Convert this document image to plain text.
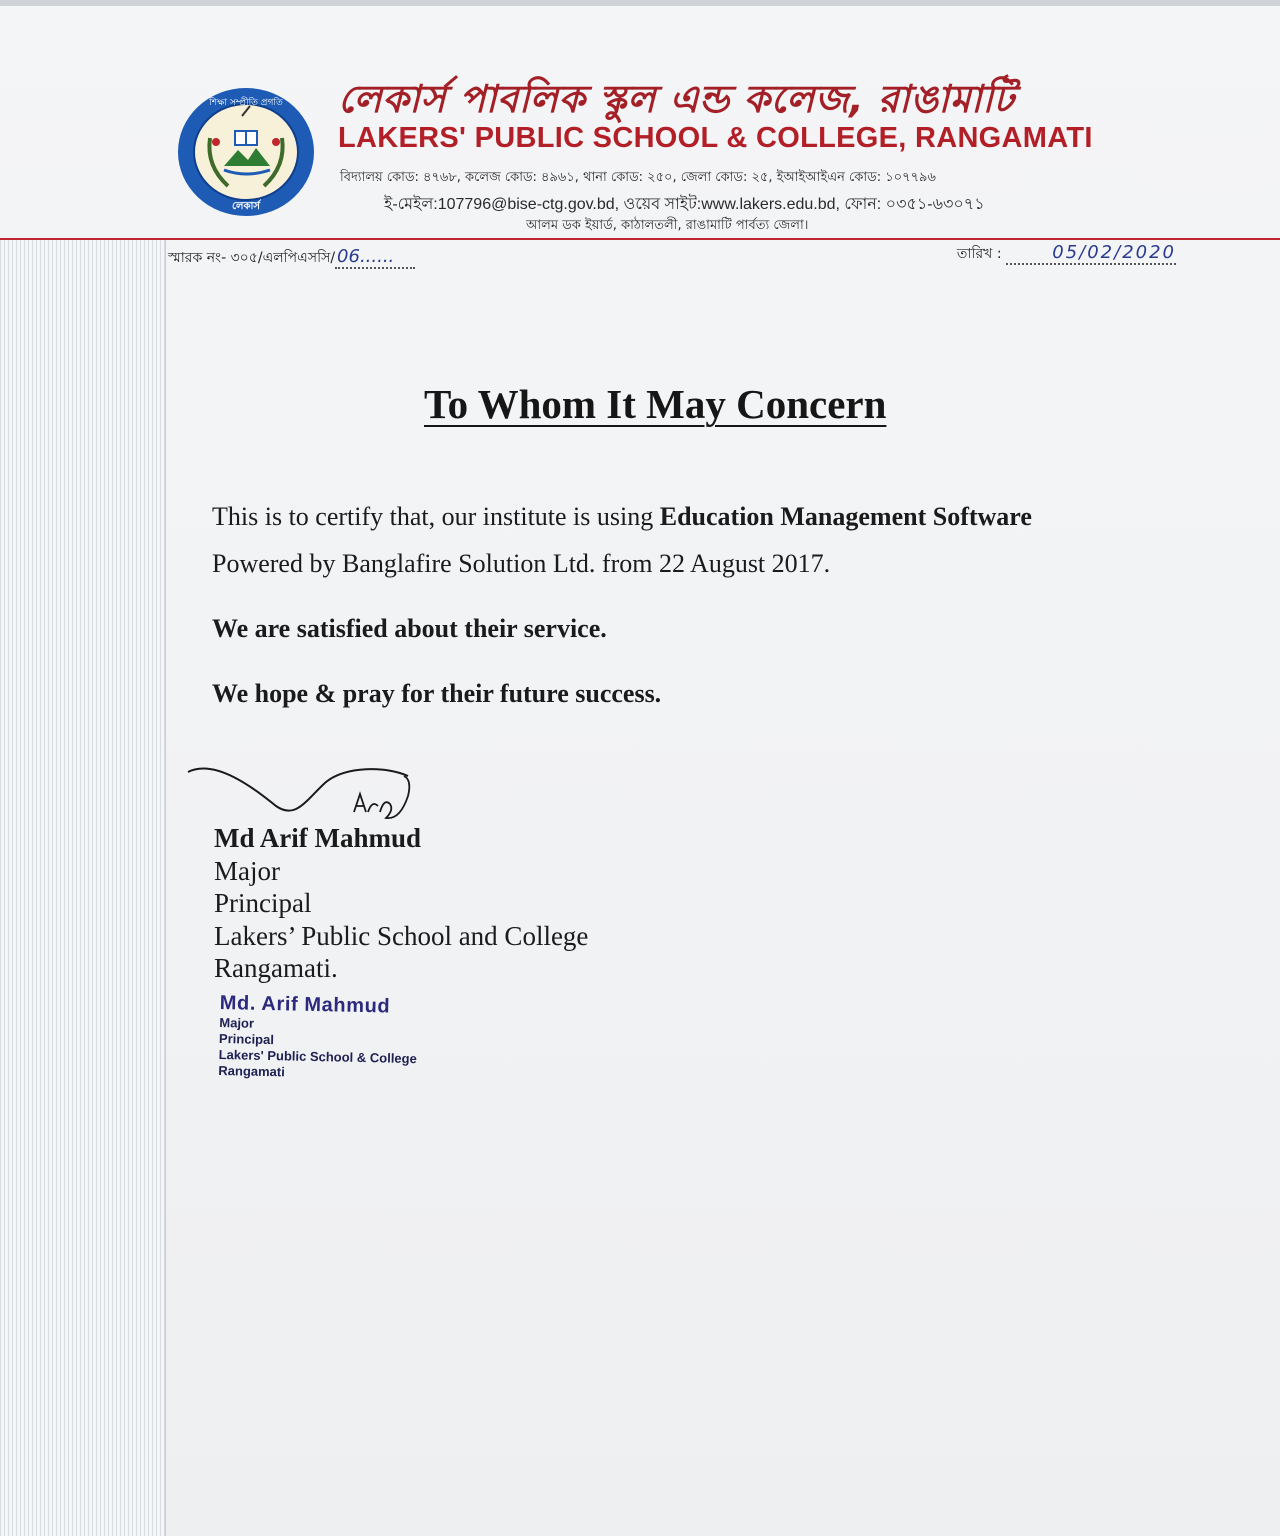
শিক্ষা সম্প্রীতি প্রগতি
লেকার্স
লেকার্স পাবলিক স্কুল এন্ড কলেজ, রাঙামাটি
LAKERS' PUBLIC SCHOOL & COLLEGE, RANGAMATI
বিদ্যালয় কোড: ৪৭৬৮, কলেজ কোড: ৪৯৬১, থানা কোড: ২৫০, জেলা কোড: ২৫, ইআইআইএন কোড: ১০৭৭৯৬
ই-মেইল:107796@bise-ctg.gov.bd, ওয়েব সাইট:www.lakers.edu.bd, ফোন: ০৩৫১-৬৩০৭১
আলম ডক ইয়ার্ড, কাঠালতলী, রাঙামাটি পার্বত্য জেলা।
স্মারক নং- ৩০৫/এলপিএসসি/ 06......	তারিখ :	05/02/2020
To Whom It May Concern
This is to certify that, our institute is using Education Management Software
Powered by Banglafire Solution Ltd. from 22 August 2017.
We are satisfied about their service.
We hope & pray for their future success.
Md Arif Mahmud
Major
Principal
Lakers’ Public School and College
Rangamati.
Md. Arif Mahmud
Major
Principal
Lakers' Public School & College
Rangamati
